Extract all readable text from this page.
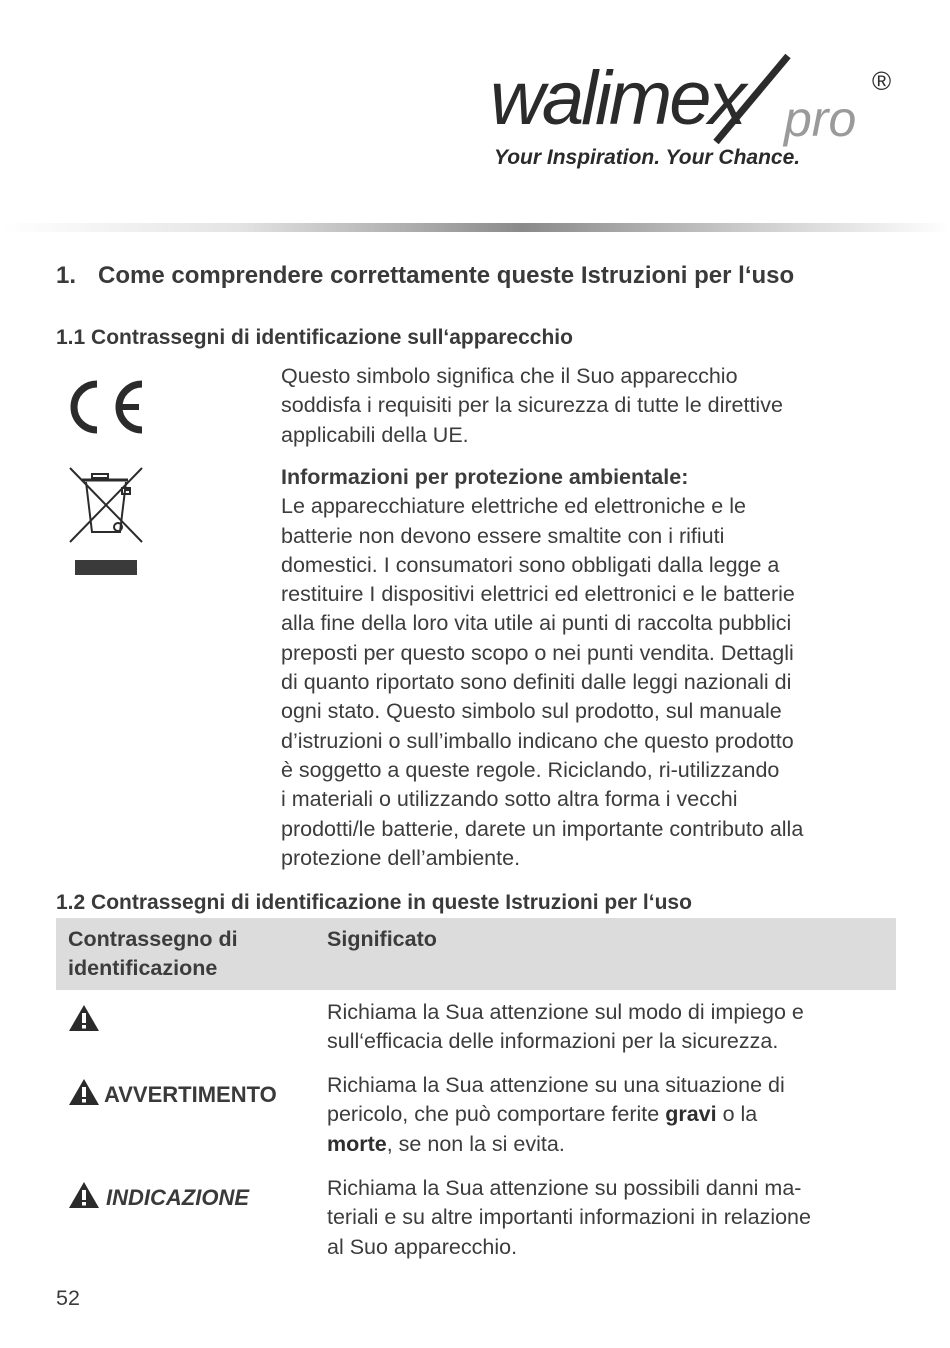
walimex pro
®
Your Inspiration. Your Chance.
1. Come comprendere correttamente queste Istruzioni per l‘uso
1.1 Contrassegni di identificazione sull‘apparecchio
Questo simbolo significa che il Suo apparecchio
soddisfa i requisiti per la sicurezza di tutte le direttive
applicabili della UE.
Informazioni per protezione ambientale:
Le apparecchiature elettriche ed elettroniche e le
batterie non devono essere smaltite con i rifiuti
domestici. I consumatori sono obbligati dalla legge a
restituire I dispositivi elettrici ed elettronici e le batterie
alla fine della loro vita utile ai punti di raccolta pubblici
preposti per questo scopo o nei punti vendita. Dettagli
di quanto riportato sono definiti dalle leggi nazionali di
ogni stato. Questo simbolo sul prodotto, sul manuale
d’istruzioni o sull’imballo indicano che questo prodotto
è soggetto a queste regole. Riciclando, ri-utilizzando
i materiali o utilizzando sotto altra forma i vecchi
prodotti/le batterie, darete un importante contributo alla
protezione dell’ambiente.
1.2 Contrassegni di identificazione in queste Istruzioni per l‘uso
Contrassegno di
identificazione
Significato
Richiama la Sua attenzione sul modo di impiego e
sull‘efficacia delle informazioni per la sicurezza.
AVVERTIMENTO Richiama la Sua attenzione su una situazione di
pericolo, che può comportare ferite gravi o la
morte, se non la si evita.
INDICAZIONE	Richiama la Sua attenzione su possibili danni ma-
teriali e su altre importanti informazioni in relazione
al Suo apparecchio.
52
